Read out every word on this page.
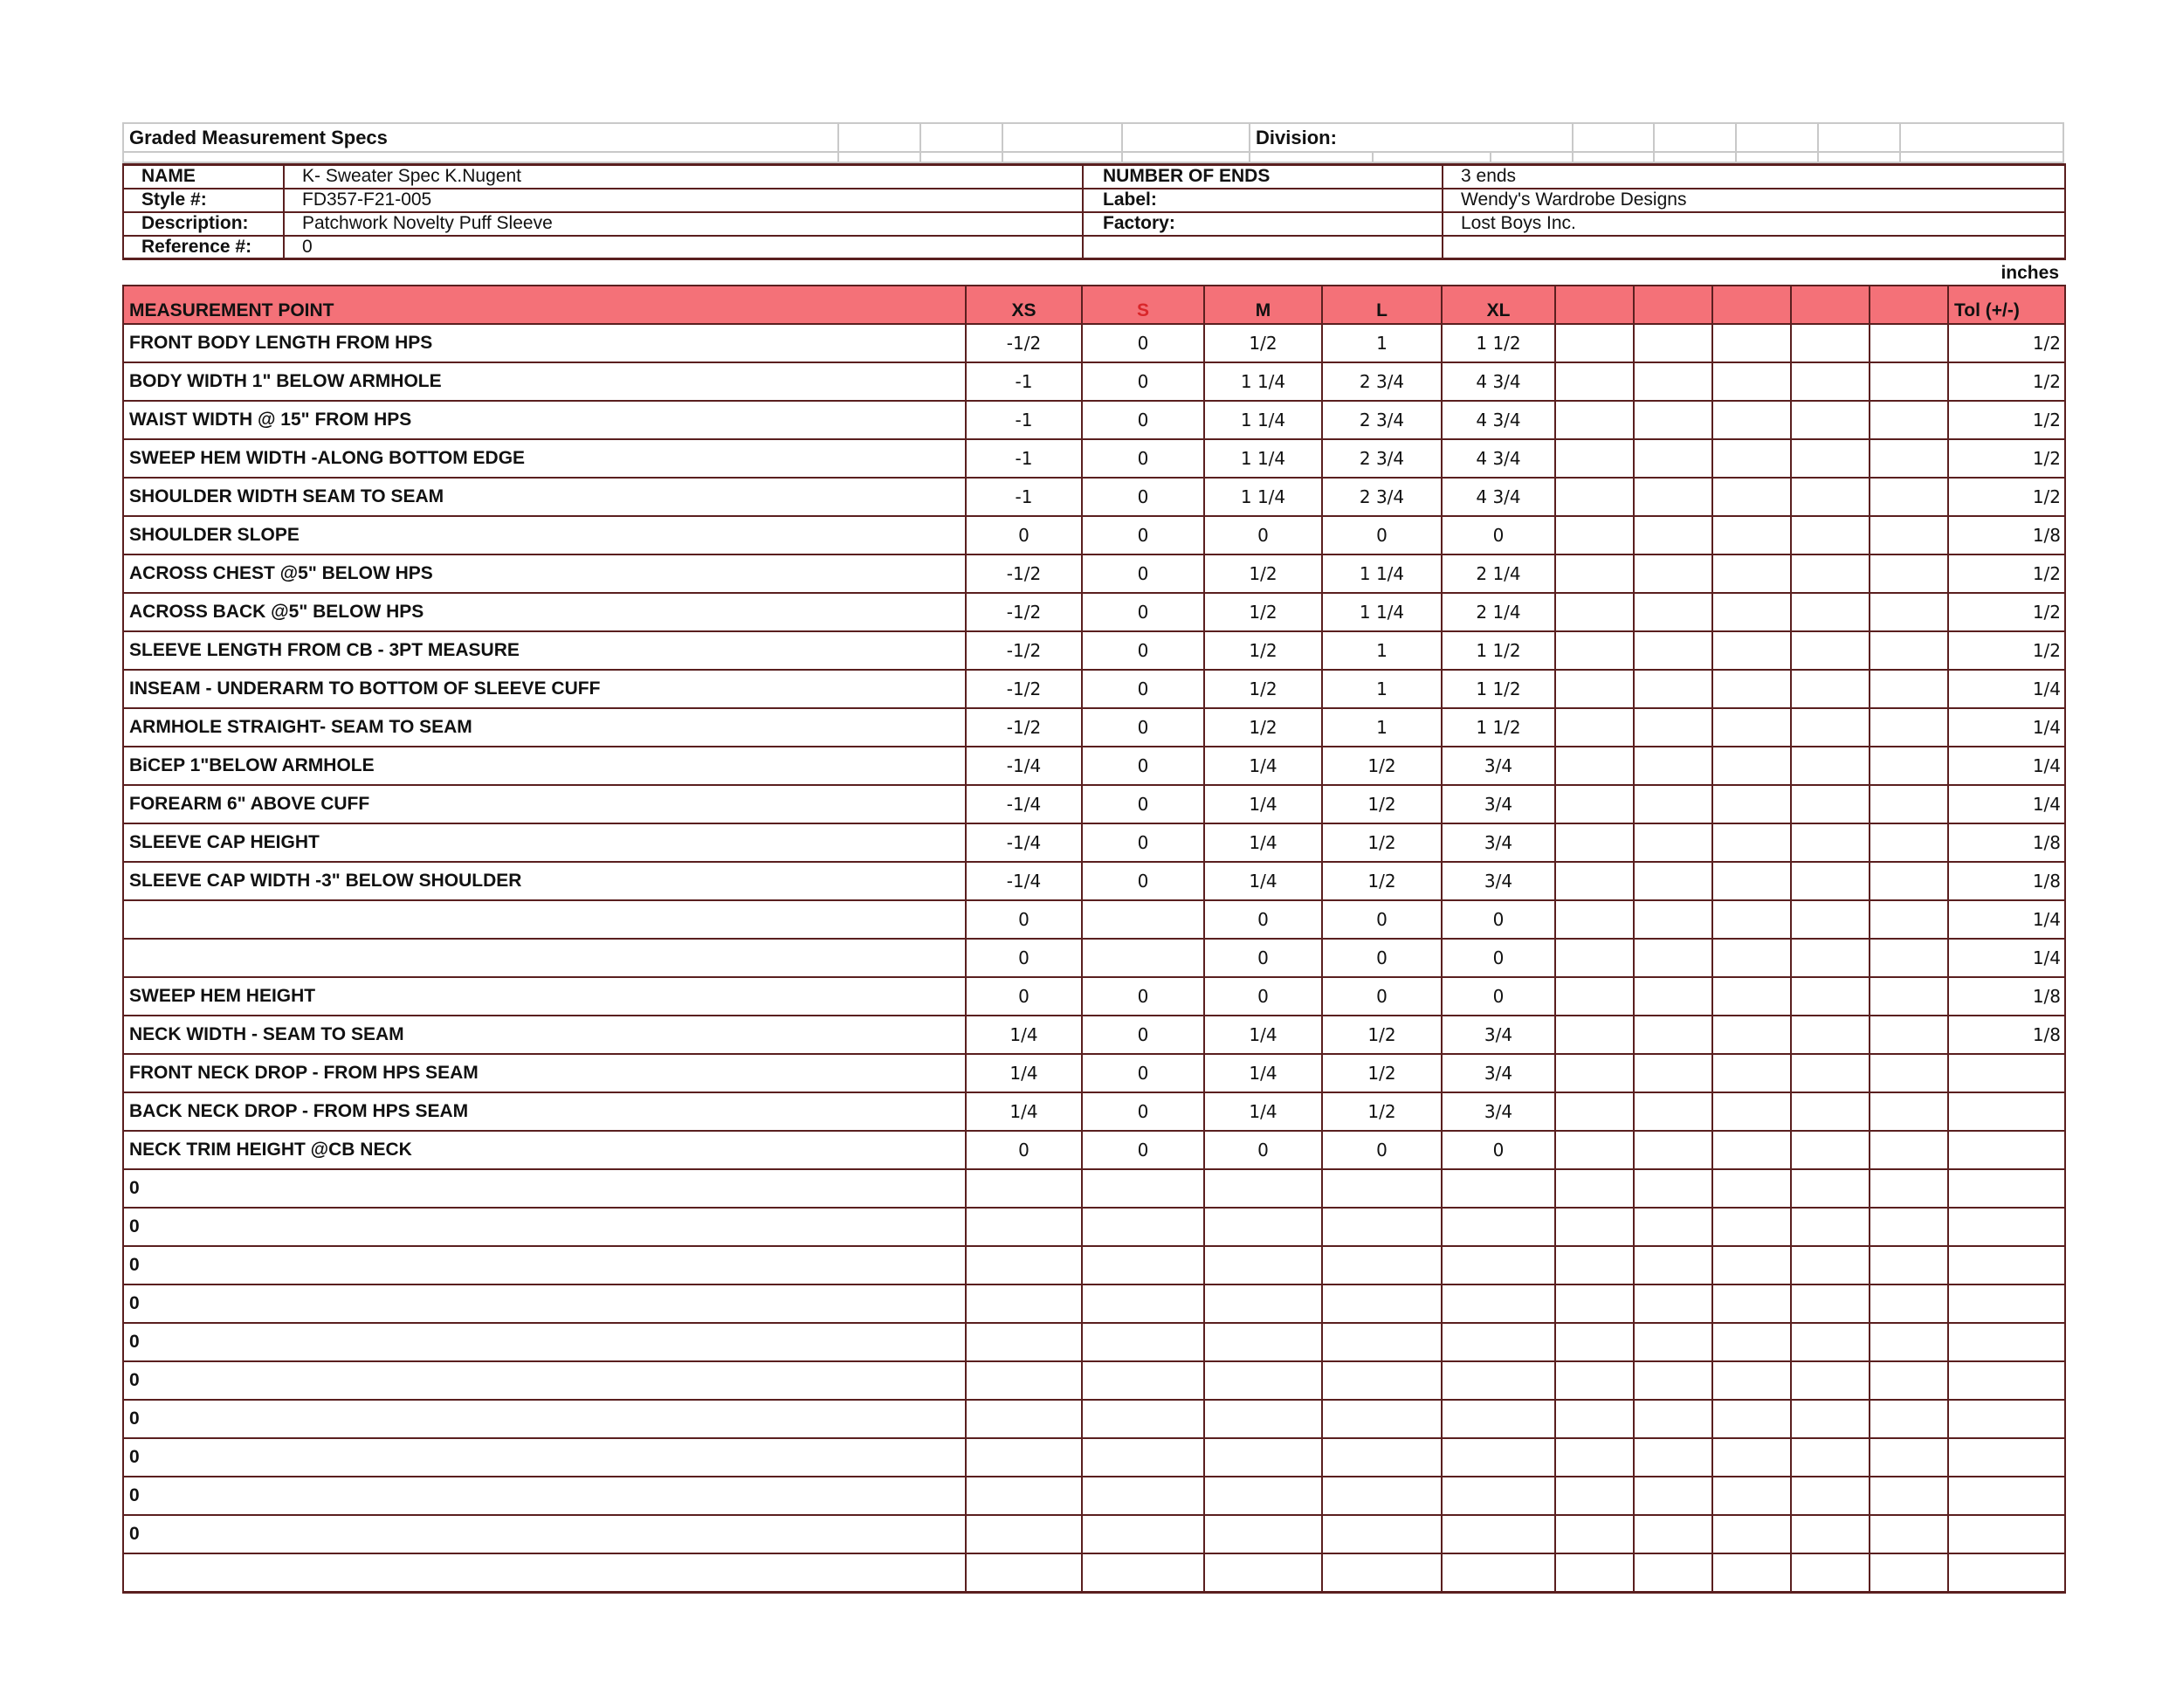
Graded Measurement Specs					Division:							

NAME	K- Sweater Spec K.Nugent	NUMBER OF ENDS	3 ends
Style #:	FD357-F21-005	Label:	Wendy's Wardrobe Designs
Description:	Patchwork Novelty Puff Sleeve	Factory:	Lost Boys Inc.
Reference #:	0		
inches
MEASUREMENT POINT	XS	S	M	L	XL						Tol (+/-)
FRONT BODY LENGTH FROM HPS	-1/2	0	1/2	1	1 1/2						1/2
BODY WIDTH 1" BELOW ARMHOLE	-1	0	1 1/4	2 3/4	4 3/4						1/2
WAIST WIDTH @ 15" FROM HPS	-1	0	1 1/4	2 3/4	4 3/4						1/2
SWEEP HEM WIDTH -ALONG BOTTOM EDGE	-1	0	1 1/4	2 3/4	4 3/4						1/2
SHOULDER WIDTH SEAM TO SEAM	-1	0	1 1/4	2 3/4	4 3/4						1/2
SHOULDER SLOPE	0	0	0	0	0						1/8
ACROSS CHEST @5" BELOW HPS	-1/2	0	1/2	1 1/4	2 1/4						1/2
ACROSS BACK @5" BELOW HPS	-1/2	0	1/2	1 1/4	2 1/4						1/2
SLEEVE LENGTH FROM CB - 3PT MEASURE	-1/2	0	1/2	1	1 1/2						1/2
INSEAM - UNDERARM TO BOTTOM OF SLEEVE CUFF	-1/2	0	1/2	1	1 1/2						1/4
ARMHOLE STRAIGHT- SEAM TO SEAM	-1/2	0	1/2	1	1 1/2						1/4
BiCEP 1"BELOW ARMHOLE	-1/4	0	1/4	1/2	3/4						1/4
FOREARM 6" ABOVE CUFF	-1/4	0	1/4	1/2	3/4						1/4
SLEEVE CAP HEIGHT	-1/4	0	1/4	1/2	3/4						1/8
SLEEVE CAP WIDTH -3" BELOW SHOULDER	-1/4	0	1/4	1/2	3/4						1/8
	0		0	0	0						1/4
	0		0	0	0						1/4
SWEEP HEM HEIGHT	0	0	0	0	0						1/8
NECK WIDTH - SEAM TO SEAM	1/4	0	1/4	1/2	3/4						1/8
FRONT NECK DROP - FROM HPS SEAM	1/4	0	1/4	1/2	3/4						
BACK NECK DROP - FROM HPS SEAM	1/4	0	1/4	1/2	3/4						
NECK TRIM HEIGHT @CB NECK	0	0	0	0	0						
0											
0											
0											
0											
0											
0											
0											
0											
0											
0											
